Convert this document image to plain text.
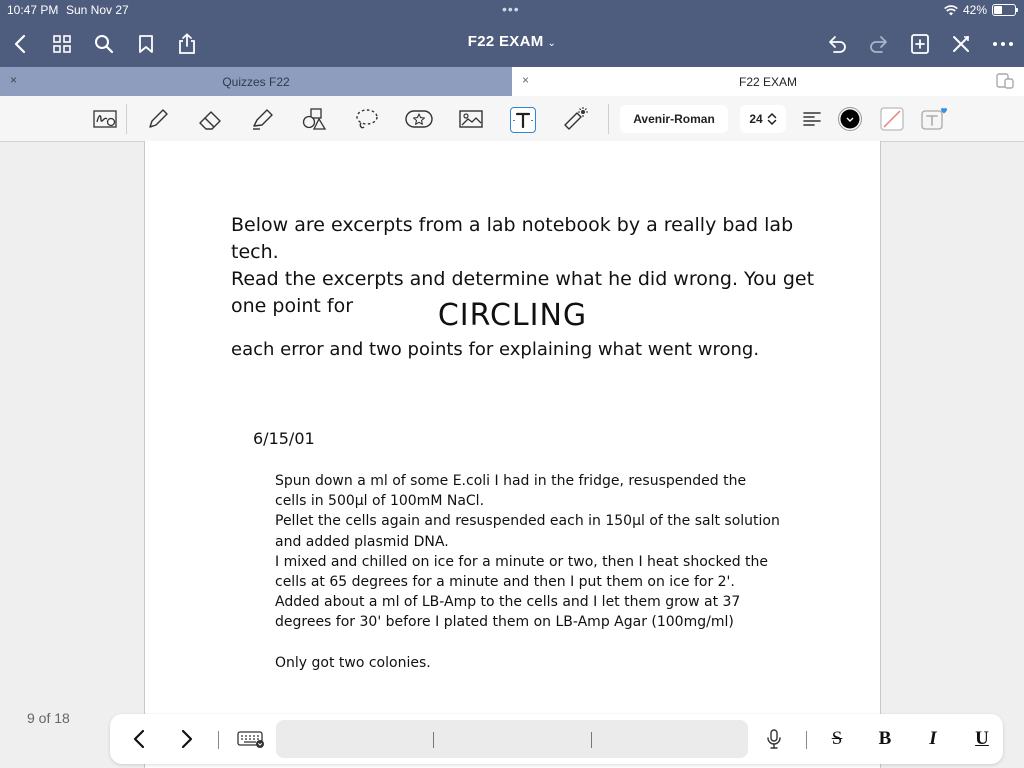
10:47 PM Sun Nov 27	•••	42%
F22 EXAM ⌄
×	Quizzes F22	×	F22 EXAM
Avenir-Roman	24
Below are excerpts from a lab notebook by a really bad lab tech.
Read the excerpts and determine what he did wrong. You get
one point for	CIRCLING
each error and two points for explaining what went wrong.
6/15/01

Spun down a ml of some E.coli I had in the fridge, resuspended the

cells in 500µl of 100mM NaCl.

Pellet the cells again and resuspended each in 150µl of the salt solution

and added plasmid DNA.

I mixed and chilled on ice for a minute or two, then I heat shocked the

cells at 65 degrees for a minute and then I put them on ice for 2'.

Added about a ml of LB-Amp to the cells and I let them grow at 37

degrees for 30' before I plated them on LB-Amp Agar (100mg/ml)

Only got two colonies.

9 of 18
S	B	I	U
